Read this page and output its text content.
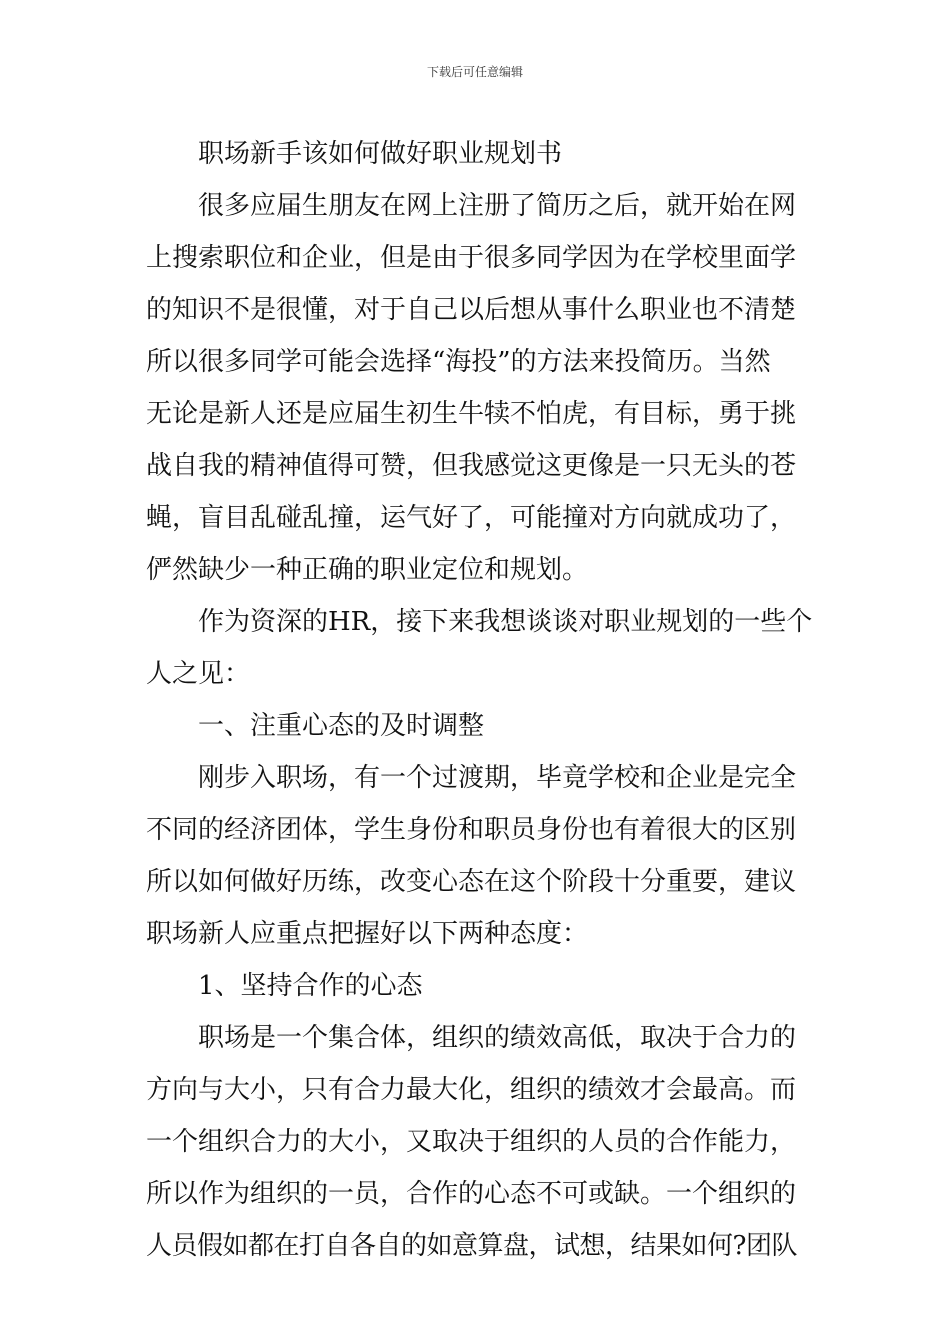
下载后可任意编辑
职场新手该如何做好职业规划书
很多应届生朋友在网上注册了简历之后，就开始在网
上搜索职位和企业，但是由于很多同学因为在学校里面学
的知识不是很懂，对于自己以后想从事什么职业也不清楚
所以很多同学可能会选择“海投”的方法来投简历。当然
无论是新人还是应届生初生牛犊不怕虎，有目标，勇于挑
战自我的精神值得可赞，但我感觉这更像是一只无头的苍
蝇，盲目乱碰乱撞，运气好了，可能撞对方向就成功了，
俨然缺少一种正确的职业定位和规划。
作为资深的HR，接下来我想谈谈对职业规划的一些个
人之见：
一、注重心态的及时调整
刚步入职场，有一个过渡期，毕竟学校和企业是完全
不同的经济团体，学生身份和职员身份也有着很大的区别
所以如何做好历练，改变心态在这个阶段十分重要，建议
职场新人应重点把握好以下两种态度：
1、坚持合作的心态
职场是一个集合体，组织的绩效高低，取决于合力的
方向与大小，只有合力最大化，组织的绩效才会最高。而
一个组织合力的大小，又取决于组织的人员的合作能力，
所以作为组织的一员，合作的心态不可或缺。一个组织的
人员假如都在打自各自的如意算盘，试想，结果如何?团队
